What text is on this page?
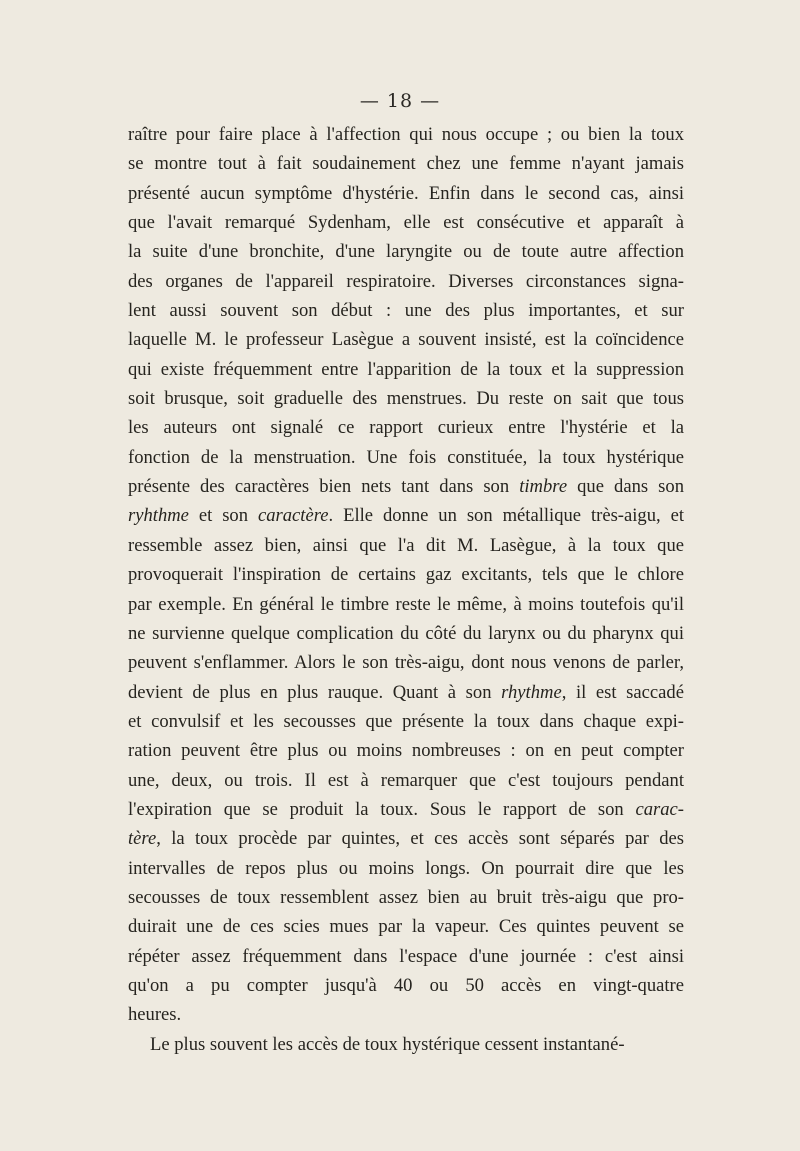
— 18 —
raître pour faire place à l'affection qui nous occupe ; ou bien la toux
se montre tout à fait soudainement chez une femme n'ayant jamais
présenté aucun symptôme d'hystérie. Enfin dans le second cas, ainsi
que l'avait remarqué Sydenham, elle est consécutive et apparaît à
la suite d'une bronchite, d'une laryngite ou de toute autre affection
des organes de l'appareil respiratoire. Diverses circonstances signa-
lent aussi souvent son début : une des plus importantes, et sur
laquelle M. le professeur Lasègue a souvent insisté, est la coïncidence
qui existe fréquemment entre l'apparition de la toux et la suppression
soit brusque, soit graduelle des menstrues. Du reste on sait que tous
les auteurs ont signalé ce rapport curieux entre l'hystérie et la
fonction de la menstruation. Une fois constituée, la toux hystérique
présente des caractères bien nets tant dans son timbre que dans son
ryhthme et son caractère. Elle donne un son métallique très-aigu, et
ressemble assez bien, ainsi que l'a dit M. Lasègue, à la toux que
provoquerait l'inspiration de certains gaz excitants, tels que le chlore
par exemple. En général le timbre reste le même, à moins toutefois qu'il
ne survienne quelque complication du côté du larynx ou du pharynx qui
peuvent s'enflammer. Alors le son très-aigu, dont nous venons de parler,
devient de plus en plus rauque. Quant à son rhythme, il est saccadé
et convulsif et les secousses que présente la toux dans chaque expi-
ration peuvent être plus ou moins nombreuses : on en peut compter
une, deux, ou trois. Il est à remarquer que c'est toujours pendant
l'expiration que se produit la toux. Sous le rapport de son carac-
tère, la toux procède par quintes, et ces accès sont séparés par des
intervalles de repos plus ou moins longs. On pourrait dire que les
secousses de toux ressemblent assez bien au bruit très-aigu que pro-
duirait une de ces scies mues par la vapeur. Ces quintes peuvent se
répéter assez fréquemment dans l'espace d'une journée : c'est ainsi
qu'on a pu compter jusqu'à 40 ou 50 accès en vingt-quatre
heures.
Le plus souvent les accès de toux hystérique cessent instantané-
